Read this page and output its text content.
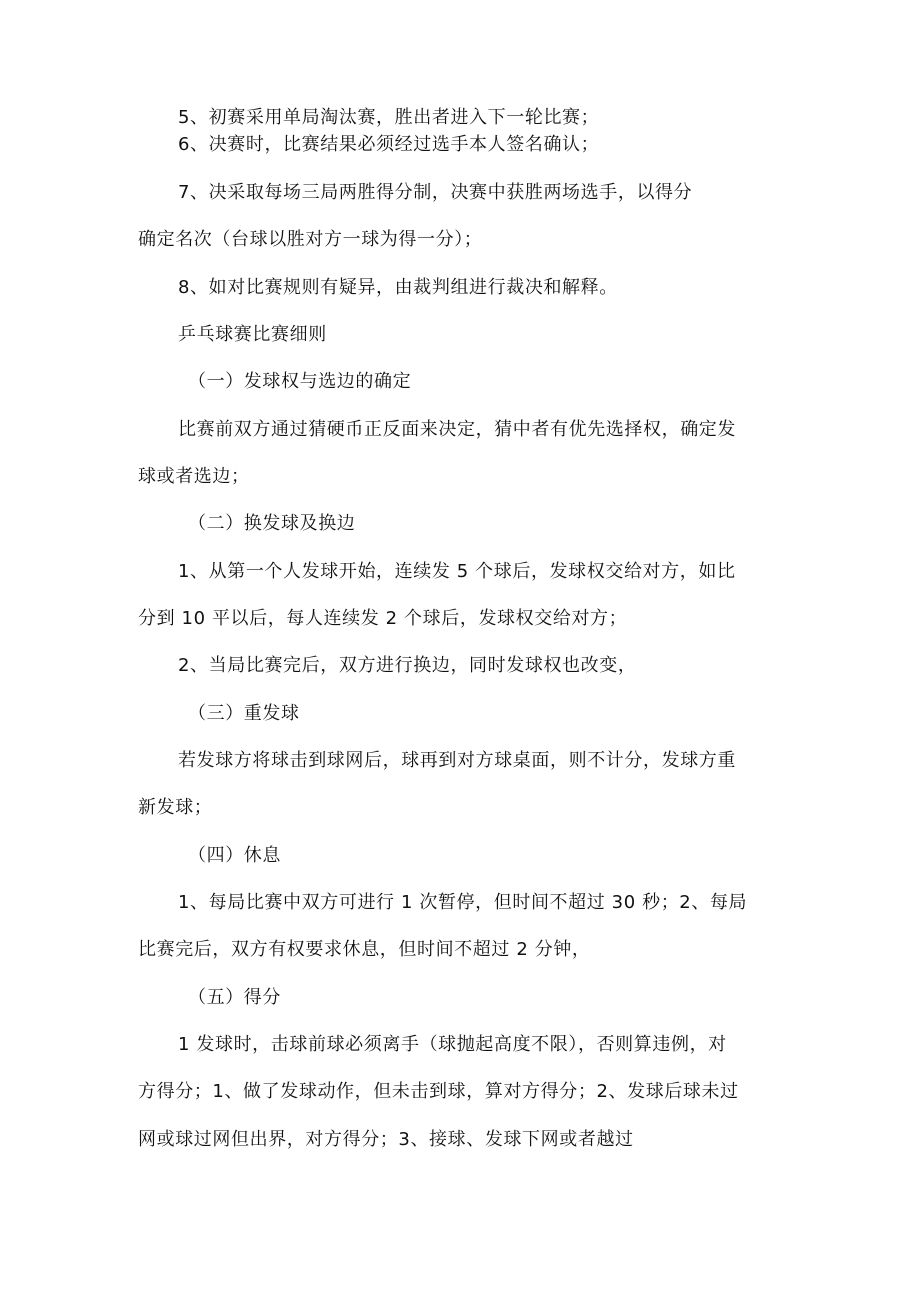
5、初赛采用单局淘汰赛，胜出者进入下一轮比赛；
6、决赛时，比赛结果必须经过选手本人签名确认；
7、决采取每场三局两胜得分制，决赛中获胜两场选手，以得分
确定名次（台球以胜对方一球为得一分）；
8、如对比赛规则有疑异，由裁判组进行裁决和解释。
乒乓球赛比赛细则
（一）发球权与选边的确定
比赛前双方通过猜硬币正反面来决定，猜中者有优先选择权，确定发
球或者选边；
（二）换发球及换边
1、从第一个人发球开始，连续发 5 个球后，发球权交给对方，如比
分到 10 平以后，每人连续发 2 个球后，发球权交给对方；
2、当局比赛完后，双方进行换边，同时发球权也改变，
（三）重发球
若发球方将球击到球网后，球再到对方球桌面，则不计分，发球方重
新发球；
（四）休息
1、每局比赛中双方可进行 1 次暂停，但时间不超过 30 秒；2、每局
比赛完后，双方有权要求休息，但时间不超过 2 分钟，
（五）得分
1 发球时，击球前球必须离手（球抛起高度不限），否则算违例，对
方得分；1、做了发球动作，但未击到球，算对方得分；2、发球后球未过
网或球过网但出界，对方得分；3、接球、发球下网或者越过
